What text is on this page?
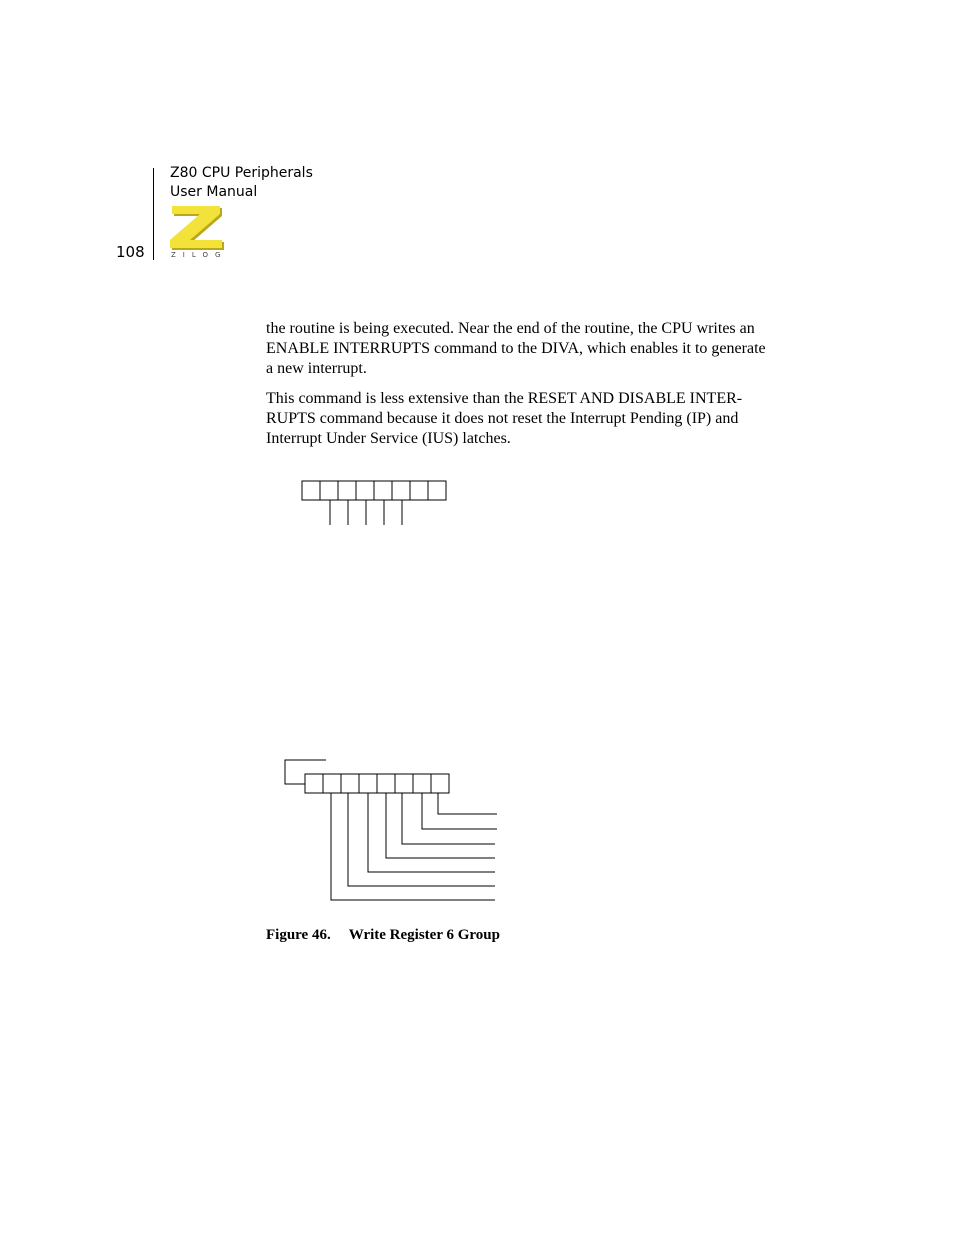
Z80 CPU Peripherals
User Manual
108	ZILOG

the routine is being executed. Near the end of the routine, the CPU writes an ENABLE INTERRUPTS command to the DIVA, which enables it to generate a new interrupt.

This command is less extensive than the RESET AND DISABLE INTER-RUPTS command because it does not reset the Interrupt Pending (IP) and Interrupt Under Service (IUS) latches.

Figure 46. Write Register 6 Group
